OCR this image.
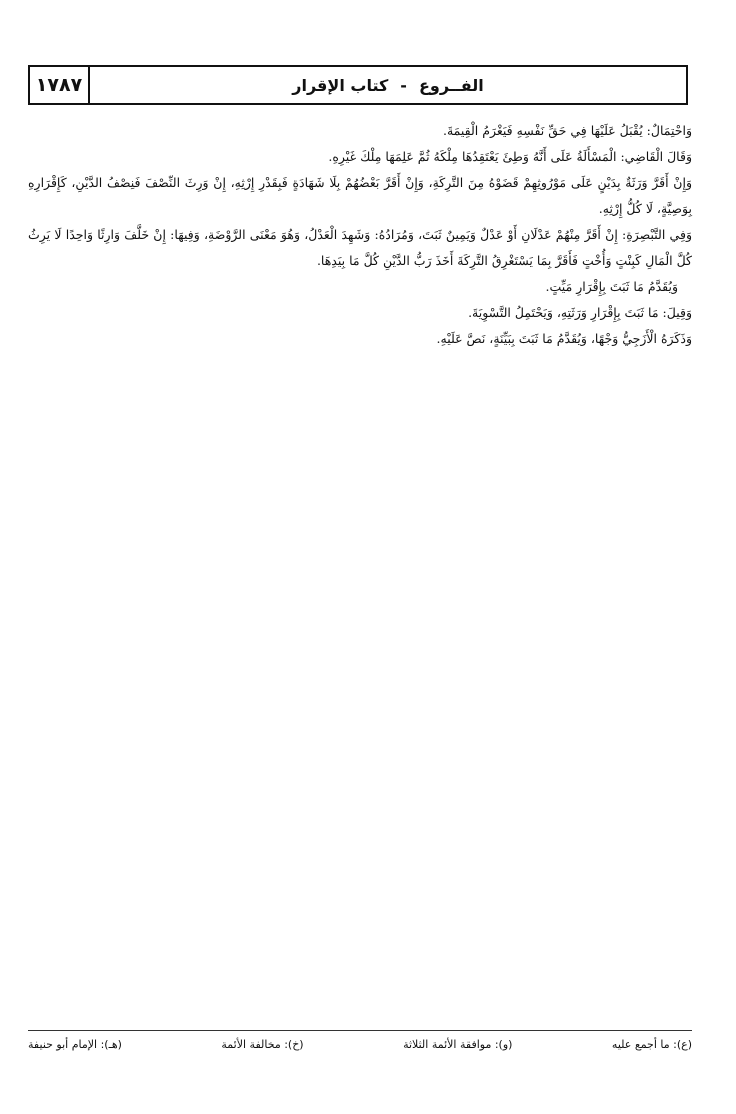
١٧٨٧	الفــروع
-
كتاب الإقرار

وَاحْتِمَالٌ: يُقْبَلُ عَلَيْهَا فِي حَقِّ نَفْسِهِ فَيَغْرَمُ الْقِيمَةَ.

وَقَالَ الْقَاضِي: الْمَسْأَلَةُ عَلَى أَنَّهُ وَطِئَ يَعْتَقِدُهَا مِلْكَهُ ثُمَّ عَلِمَهَا مِلْكَ غَيْرِهِ.

وَإِنْ أَقَرَّ وَرَثَةٌ بِدَيْنٍ عَلَى مَوْرُوثِهِمْ قَضَوْهُ مِنَ التَّرِكَةِ، وَإِنْ أَقَرَّ بَعْضُهُمْ بِلَا شَهَادَةٍ فَبِقَدْرِ إِرْثِهِ، إِنْ وَرِثَ النِّصْفَ فَنِصْفُ الدَّيْنِ، كَإِقْرَارِهِ بِوَصِيَّةٍ، لَا كُلُّ إِرْثِهِ.

وَفِي التَّبْصِرَةِ: إِنْ أَقَرَّ مِنْهُمْ عَدْلَانِ أَوْ عَدْلٌ وَيَمِينٌ ثَبَتَ، وَمُرَادُهُ: وَشَهِدَ الْعَدْلُ، وَهُوَ مَعْنَى الرَّوْضَةِ، وَفِيهَا: إِنْ خَلَّفَ وَارِثًا وَاحِدًا لَا يَرِثُ كُلَّ الْمَالِ كَبِنْتٍ وَأُخْتٍ فَأَقَرَّ بِمَا يَسْتَغْرِقُ التَّرِكَةَ أَخَذَ رَبُّ الدَّيْنِ كُلَّ مَا بِيَدِهَا.

وَيُقَدَّمُ مَا ثَبَتَ بِإِقْرَارِ مَيِّتٍ.

وَقِيلَ: مَا ثَبَتَ بِإِقْرَارِ وَرَثَتِهِ، وَيَحْتَمِلُ التَّسْوِيَةَ.

وَذَكَرَهُ الْأَزَجِيُّ وَجْهًا، وَيُقَدَّمُ مَا ثَبَتَ بِبَيِّنَةٍ، نَصَّ عَلَيْهِ.

(ع): ما أجمع عليه
(و): موافقة الأئمة الثلاثة
(خ): مخالفة الأئمة
(هـ): الإمام أبو حنيفة
